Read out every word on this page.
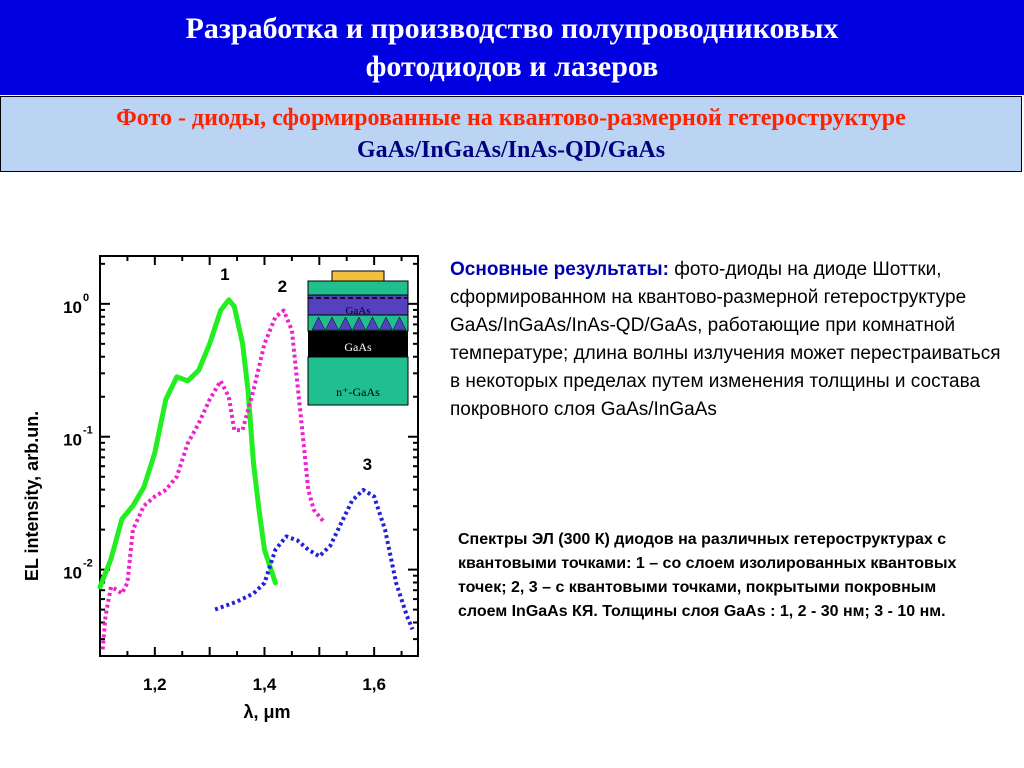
Разработка и производство полупроводниковых
фотодиодов и лазеров
Фото - диоды, сформированные на квантово-размерной гетероструктуре
GaAs/InGaAs/InAs-QD/GaAs
1,2	1,4	1,6
10 0
10 -1
10 -2
λ, μm
EL intensity, arb.un.
GaAs
GaAs
n⁺-GaAs
1
2
3
Основные результаты: фото-диоды на диоде Шоттки, сформированном на квантово-размерной гетероструктуре GaAs/InGaAs/InAs-QD/GaAs, работающие при комнатной температуре; длина волны излучения может перестраиваться в некоторых пределах путем изменения толщины и состава покровного слоя GaAs/InGaAs
Спектры ЭЛ (300 К) диодов на различных гетероструктурах с квантовыми точками: 1 – со слоем изолированных квантовых точек; 2, 3 – с квантовыми точками, покрытыми покровным слоем InGaAs КЯ. Толщины слоя GaAs : 1, 2 - 30 нм; 3 - 10 нм.
